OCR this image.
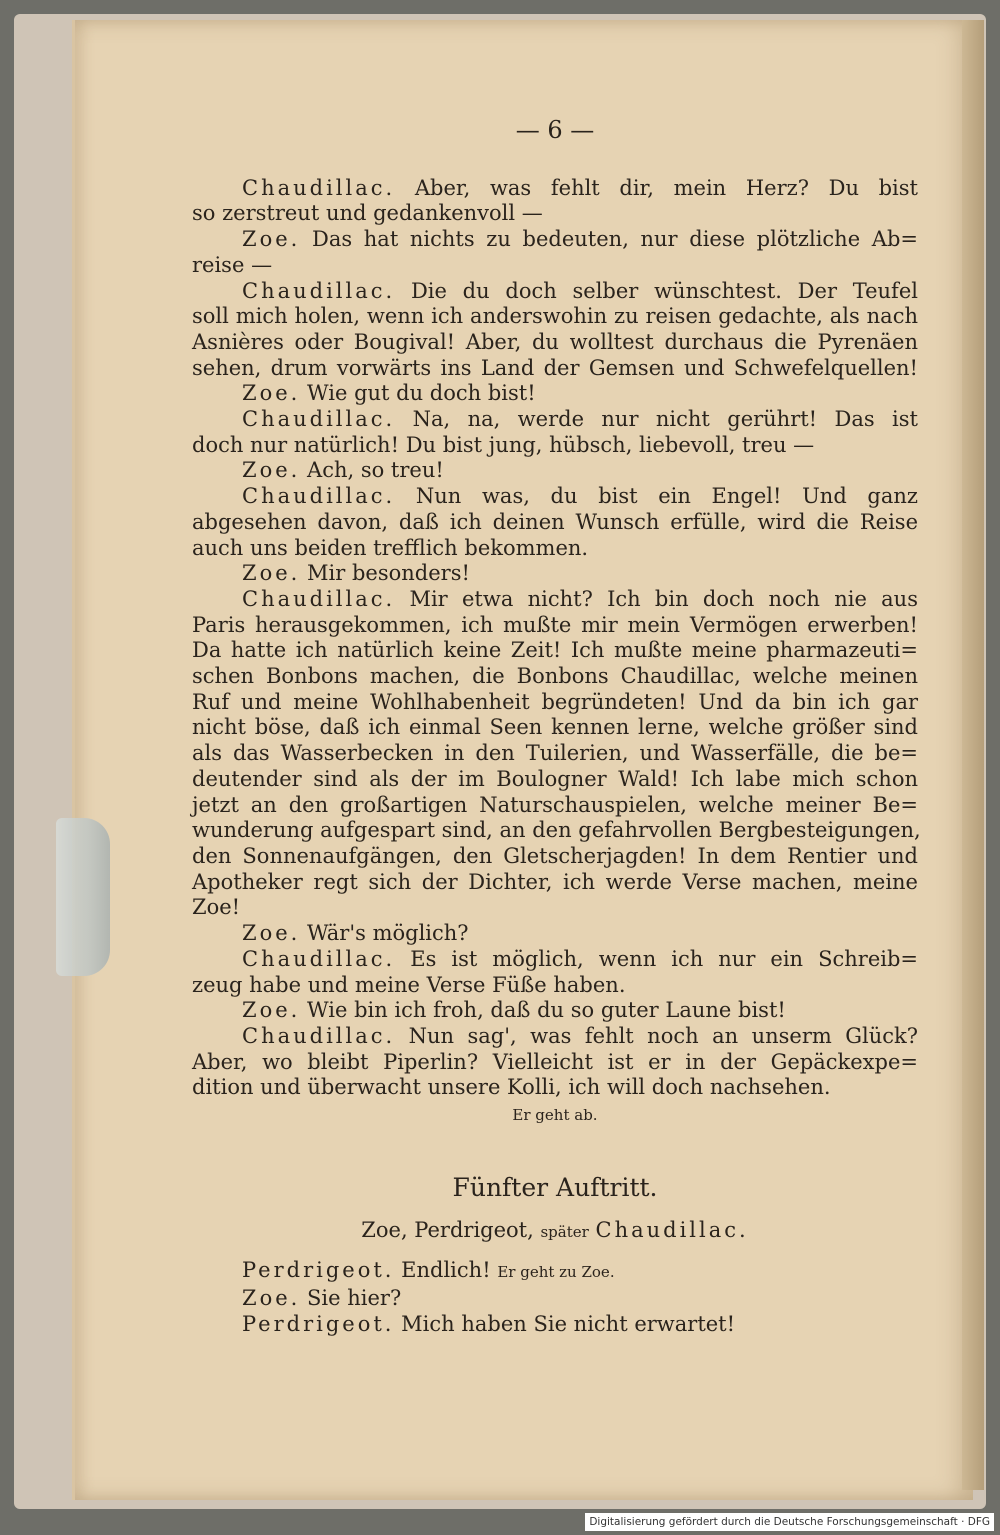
— 6 —
Chaudillac. Aber, was fehlt dir, mein Herz? Du bist
so zerstreut und gedankenvoll —
Zoe. Das hat nichts zu bedeuten, nur diese plötzliche Ab=
reise —
Chaudillac. Die du doch selber wünschtest. Der Teufel
soll mich holen, wenn ich anderswohin zu reisen gedachte, als nach
Asnières oder Bougival! Aber, du wolltest durchaus die Pyrenäen
sehen, drum vorwärts ins Land der Gemsen und Schwefelquellen!
Zoe. Wie gut du doch bist!
Chaudillac. Na, na, werde nur nicht gerührt! Das ist
doch nur natürlich! Du bist jung, hübsch, liebevoll, treu —
Zoe. Ach, so treu!
Chaudillac. Nun was, du bist ein Engel! Und ganz
abgesehen davon, daß ich deinen Wunsch erfülle, wird die Reise
auch uns beiden trefflich bekommen.
Zoe. Mir besonders!
Chaudillac. Mir etwa nicht? Ich bin doch noch nie aus
Paris herausgekommen, ich mußte mir mein Vermögen erwerben!
Da hatte ich natürlich keine Zeit! Ich mußte meine pharmazeuti=
schen Bonbons machen, die Bonbons Chaudillac, welche meinen
Ruf und meine Wohlhabenheit begründeten! Und da bin ich gar
nicht böse, daß ich einmal Seen kennen lerne, welche größer sind
als das Wasserbecken in den Tuilerien, und Wasserfälle, die be=
deutender sind als der im Boulogner Wald! Ich labe mich schon
jetzt an den großartigen Naturschauspielen, welche meiner Be=
wunderung aufgespart sind, an den gefahrvollen Bergbesteigungen,
den Sonnenaufgängen, den Gletscherjagden! In dem Rentier und
Apotheker regt sich der Dichter, ich werde Verse machen, meine
Zoe!
Zoe. Wär's möglich?
Chaudillac. Es ist möglich, wenn ich nur ein Schreib=
zeug habe und meine Verse Füße haben.
Zoe. Wie bin ich froh, daß du so guter Laune bist!
Chaudillac. Nun sag', was fehlt noch an unserm Glück?
Aber, wo bleibt Piperlin? Vielleicht ist er in der Gepäckexpe=
dition und überwacht unsere Kolli, ich will doch nachsehen.
Er geht ab.
Fünfter Auftritt.
Zoe, Perdrigeot, später Chaudillac.
Perdrigeot. Endlich! Er geht zu Zoe.
Zoe. Sie hier?
Perdrigeot. Mich haben Sie nicht erwartet!
Digitalisierung gefördert durch die Deutsche Forschungsgemeinschaft · DFG
